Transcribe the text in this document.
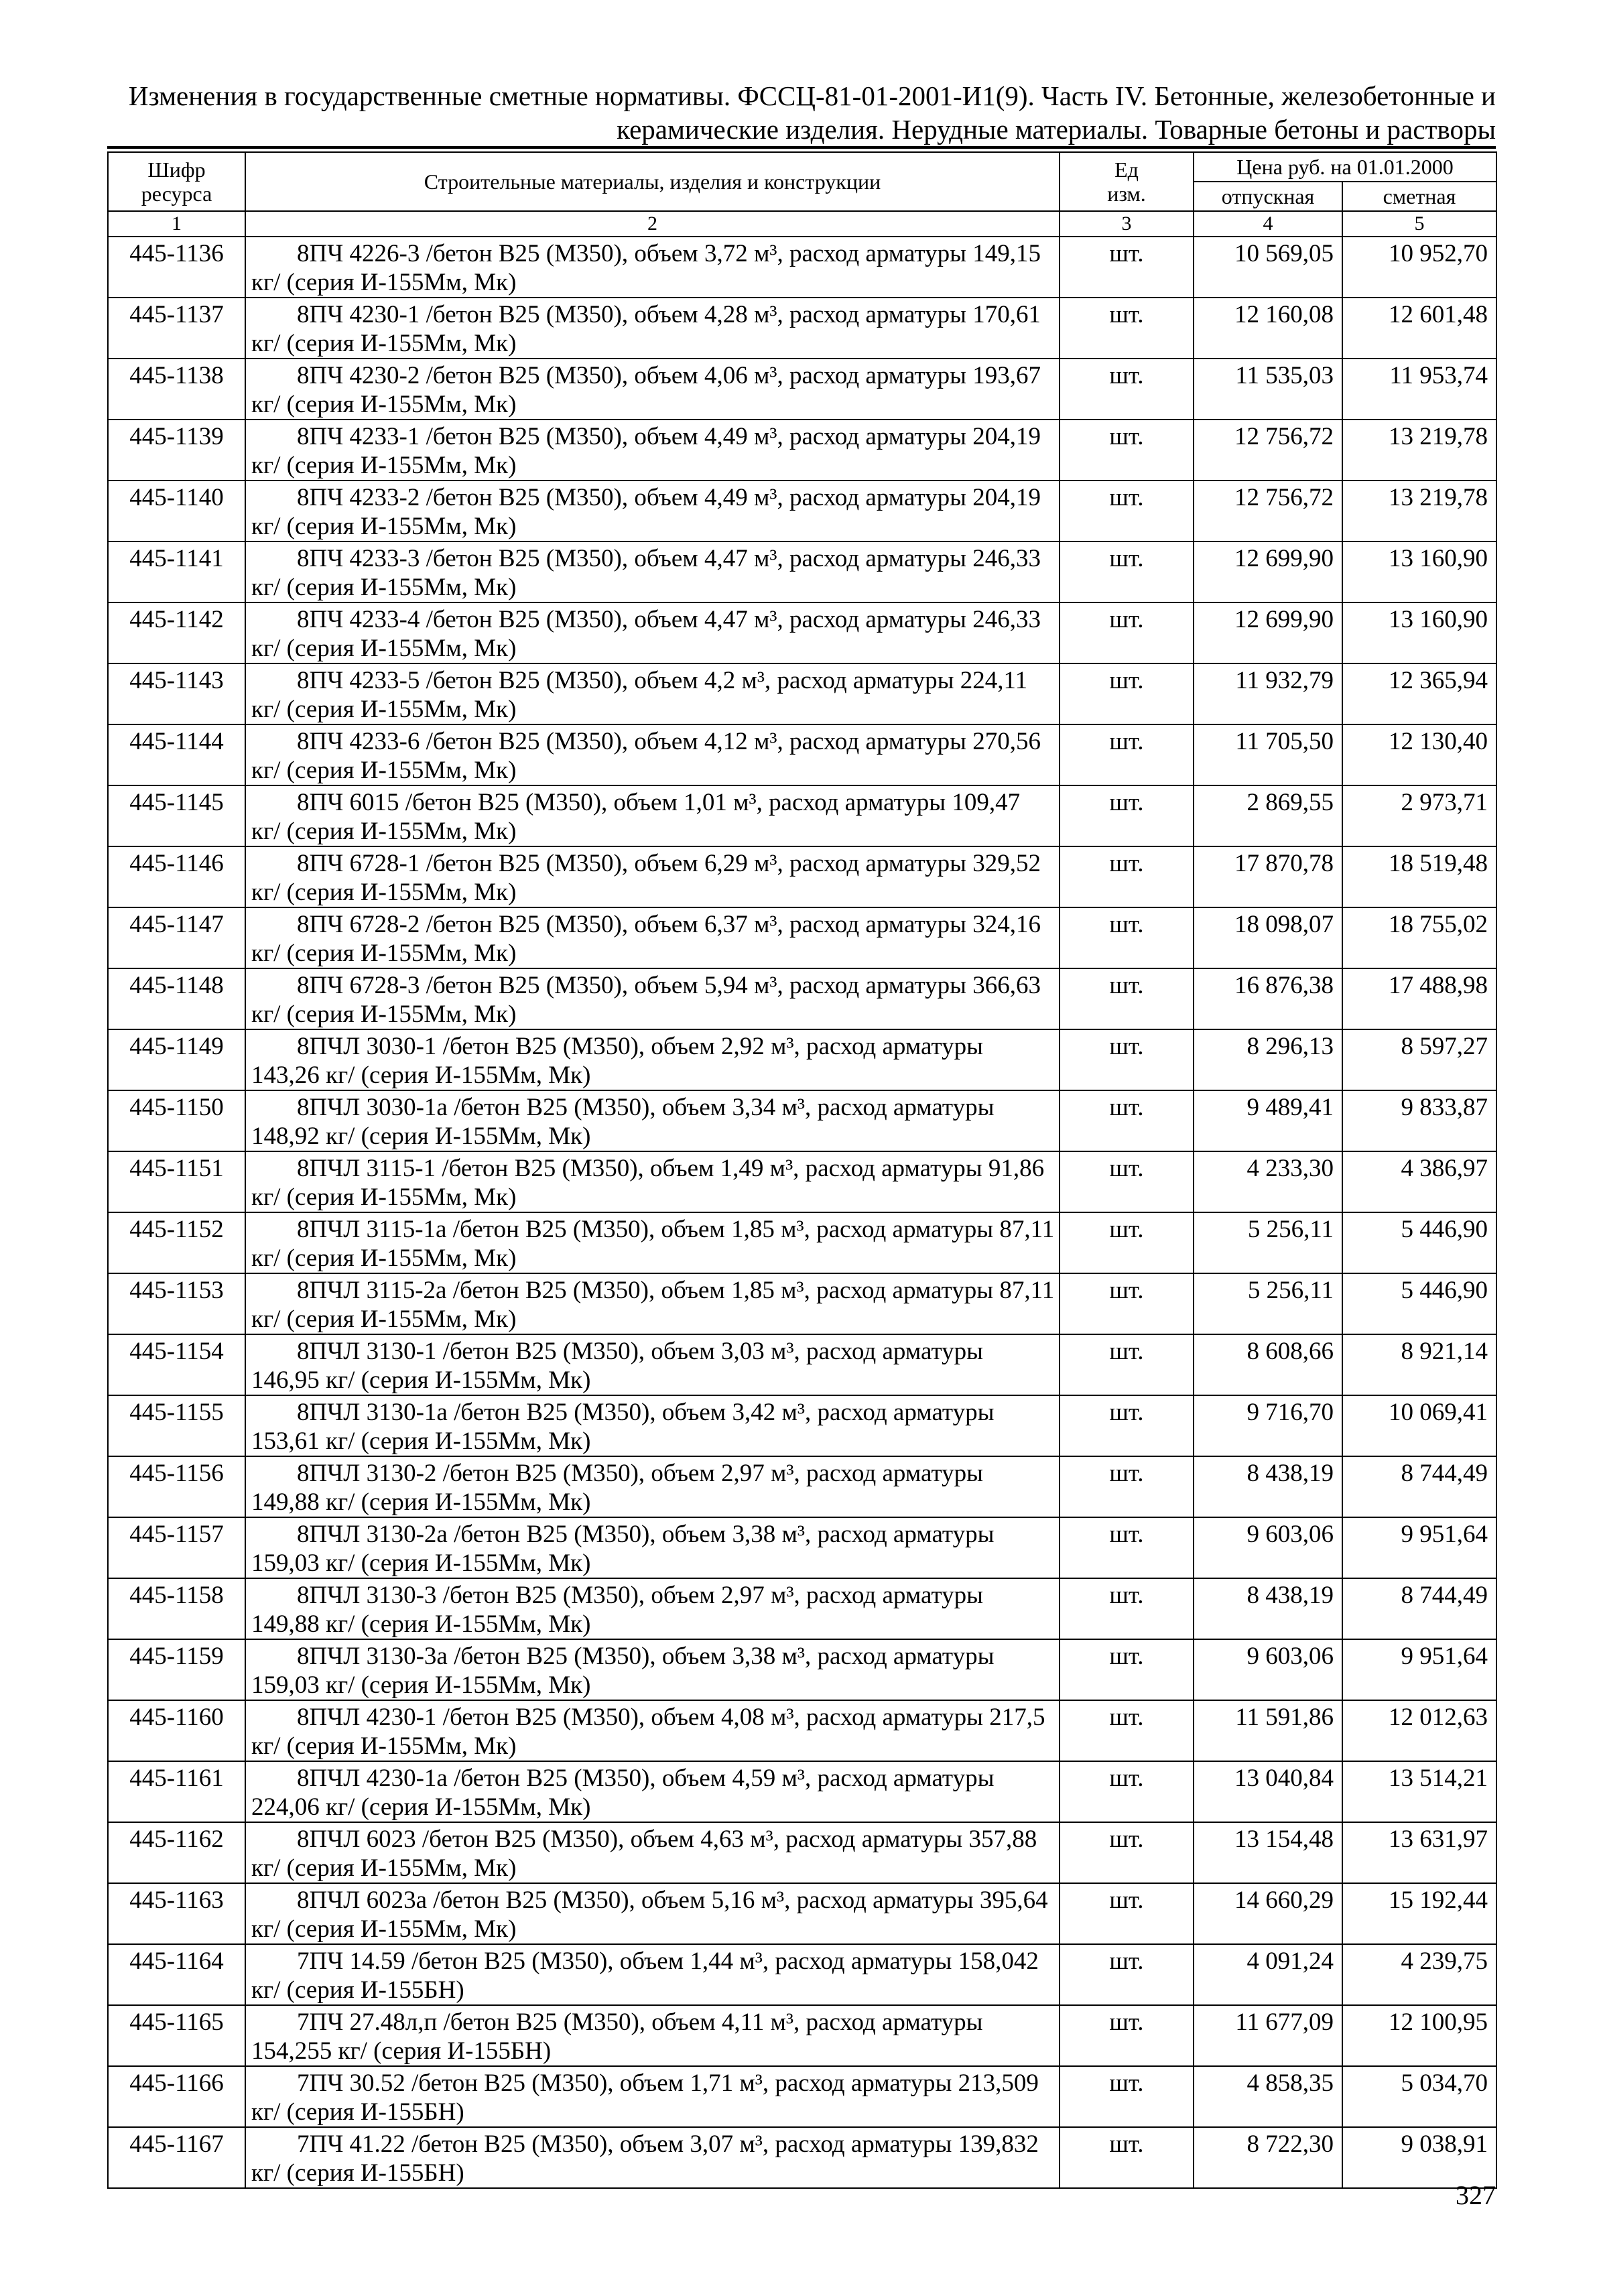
Изменения в государственные сметные нормативы. ФССЦ-81-01-2001-И1(9). Часть IV. Бетонные, железобетонные и
керамические изделия. Нерудные материалы. Товарные бетоны и растворы
Шифр
ресурса	Строительные материалы, изделия и конструкции	Ед
изм.	Цена руб. на 01.01.2000	
			отпускная	сметная
1	2	3	4	5
445-1136	8ПЧ 4226-3 /бетон В25 (М350), объем 3,72 м³, расход арматуры 149,15 кг/ (серия И-155Мм, Мк)	шт.	10 569,05	10 952,70
445-1137	8ПЧ 4230-1 /бетон В25 (М350), объем 4,28 м³, расход арматуры 170,61 кг/ (серия И-155Мм, Мк)	шт.	12 160,08	12 601,48
445-1138	8ПЧ 4230-2 /бетон В25 (М350), объем 4,06 м³, расход арматуры 193,67 кг/ (серия И-155Мм, Мк)	шт.	11 535,03	11 953,74
445-1139	8ПЧ 4233-1 /бетон В25 (М350), объем 4,49 м³, расход арматуры 204,19 кг/ (серия И-155Мм, Мк)	шт.	12 756,72	13 219,78
445-1140	8ПЧ 4233-2 /бетон В25 (М350), объем 4,49 м³, расход арматуры 204,19 кг/ (серия И-155Мм, Мк)	шт.	12 756,72	13 219,78
445-1141	8ПЧ 4233-3 /бетон В25 (М350), объем 4,47 м³, расход арматуры 246,33 кг/ (серия И-155Мм, Мк)	шт.	12 699,90	13 160,90
445-1142	8ПЧ 4233-4 /бетон В25 (М350), объем 4,47 м³, расход арматуры 246,33 кг/ (серия И-155Мм, Мк)	шт.	12 699,90	13 160,90
445-1143	8ПЧ 4233-5 /бетон В25 (М350), объем 4,2 м³, расход арматуры 224,11 кг/ (серия И-155Мм, Мк)	шт.	11 932,79	12 365,94
445-1144	8ПЧ 4233-6 /бетон В25 (М350), объем 4,12 м³, расход арматуры 270,56 кг/ (серия И-155Мм, Мк)	шт.	11 705,50	12 130,40
445-1145	8ПЧ 6015 /бетон В25 (М350), объем 1,01 м³, расход арматуры 109,47 кг/ (серия И-155Мм, Мк)	шт.	2 869,55	2 973,71
445-1146	8ПЧ 6728-1 /бетон В25 (М350), объем 6,29 м³, расход арматуры 329,52 кг/ (серия И-155Мм, Мк)	шт.	17 870,78	18 519,48
445-1147	8ПЧ 6728-2 /бетон В25 (М350), объем 6,37 м³, расход арматуры 324,16 кг/ (серия И-155Мм, Мк)	шт.	18 098,07	18 755,02
445-1148	8ПЧ 6728-3 /бетон В25 (М350), объем 5,94 м³, расход арматуры 366,63 кг/ (серия И-155Мм, Мк)	шт.	16 876,38	17 488,98
445-1149	8ПЧЛ 3030-1 /бетон В25 (М350), объем 2,92 м³, расход арматуры 143,26 кг/ (серия И-155Мм, Мк)	шт.	8 296,13	8 597,27
445-1150	8ПЧЛ 3030-1а /бетон В25 (М350), объем 3,34 м³, расход арматуры 148,92 кг/ (серия И-155Мм, Мк)	шт.	9 489,41	9 833,87
445-1151	8ПЧЛ 3115-1 /бетон В25 (М350), объем 1,49 м³, расход арматуры 91,86 кг/ (серия И-155Мм, Мк)	шт.	4 233,30	4 386,97
445-1152	8ПЧЛ 3115-1а /бетон В25 (М350), объем 1,85 м³, расход арматуры 87,11 кг/ (серия И-155Мм, Мк)	шт.	5 256,11	5 446,90
445-1153	8ПЧЛ 3115-2а /бетон В25 (М350), объем 1,85 м³, расход арматуры 87,11 кг/ (серия И-155Мм, Мк)	шт.	5 256,11	5 446,90
445-1154	8ПЧЛ 3130-1 /бетон В25 (М350), объем 3,03 м³, расход арматуры 146,95 кг/ (серия И-155Мм, Мк)	шт.	8 608,66	8 921,14
445-1155	8ПЧЛ 3130-1а /бетон В25 (М350), объем 3,42 м³, расход арматуры 153,61 кг/ (серия И-155Мм, Мк)	шт.	9 716,70	10 069,41
445-1156	8ПЧЛ 3130-2 /бетон В25 (М350), объем 2,97 м³, расход арматуры 149,88 кг/ (серия И-155Мм, Мк)	шт.	8 438,19	8 744,49
445-1157	8ПЧЛ 3130-2а /бетон В25 (М350), объем 3,38 м³, расход арматуры 159,03 кг/ (серия И-155Мм, Мк)	шт.	9 603,06	9 951,64
445-1158	8ПЧЛ 3130-3 /бетон В25 (М350), объем 2,97 м³, расход арматуры 149,88 кг/ (серия И-155Мм, Мк)	шт.	8 438,19	8 744,49
445-1159	8ПЧЛ 3130-3а /бетон В25 (М350), объем 3,38 м³, расход арматуры 159,03 кг/ (серия И-155Мм, Мк)	шт.	9 603,06	9 951,64
445-1160	8ПЧЛ 4230-1 /бетон В25 (М350), объем 4,08 м³, расход арматуры 217,5 кг/ (серия И-155Мм, Мк)	шт.	11 591,86	12 012,63
445-1161	8ПЧЛ 4230-1а /бетон В25 (М350), объем 4,59 м³, расход арматуры 224,06 кг/ (серия И-155Мм, Мк)	шт.	13 040,84	13 514,21
445-1162	8ПЧЛ 6023 /бетон В25 (М350), объем 4,63 м³, расход арматуры 357,88 кг/ (серия И-155Мм, Мк)	шт.	13 154,48	13 631,97
445-1163	8ПЧЛ 6023а /бетон В25 (М350), объем 5,16 м³, расход арматуры 395,64 кг/ (серия И-155Мм, Мк)	шт.	14 660,29	15 192,44
445-1164	7ПЧ 14.59 /бетон В25 (М350), объем 1,44 м³, расход арматуры 158,042 кг/ (серия И-155БН)	шт.	4 091,24	4 239,75
445-1165	7ПЧ 27.48л,п /бетон В25 (М350), объем 4,11 м³, расход арматуры 154,255 кг/ (серия И-155БН)	шт.	11 677,09	12 100,95
445-1166	7ПЧ 30.52 /бетон В25 (М350), объем 1,71 м³, расход арматуры 213,509 кг/ (серия И-155БН)	шт.	4 858,35	5 034,70
445-1167	7ПЧ 41.22 /бетон В25 (М350), объем 3,07 м³, расход арматуры 139,832 кг/ (серия И-155БН)	шт.	8 722,30	9 038,91
327
